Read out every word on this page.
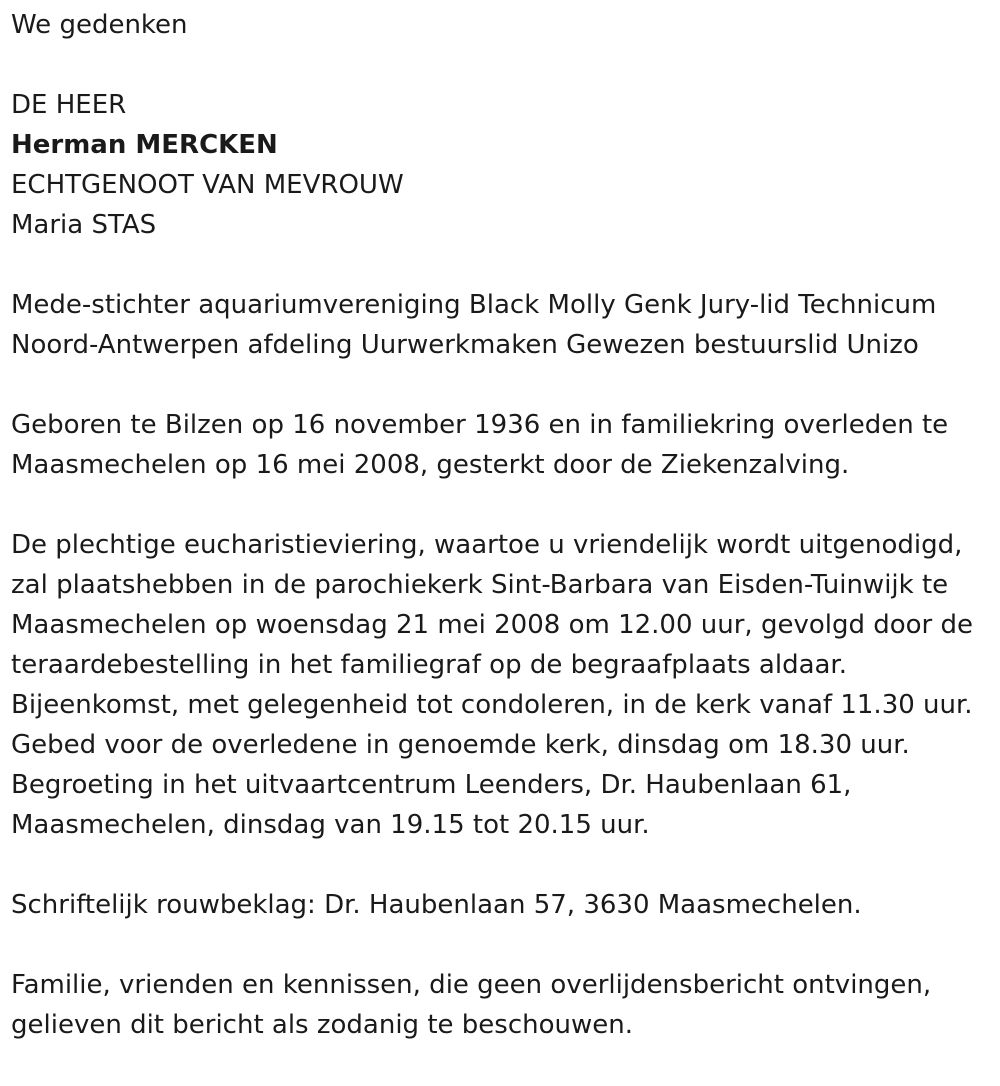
We gedenken

DE HEER

Herman MERCKEN

ECHTGENOOT VAN MEVROUW

Maria STAS

Mede-stichter aquariumvereniging Black Molly Genk Jury-lid Technicum
Noord-Antwerpen afdeling Uurwerkmaken Gewezen bestuurslid Unizo

Geboren te Bilzen op 16 november 1936 en in familiekring overleden te
Maasmechelen op 16 mei 2008, gesterkt door de Ziekenzalving.

De plechtige eucharistieviering, waartoe u vriendelijk wordt uitgenodigd,
zal plaatshebben in de parochiekerk Sint-Barbara van Eisden-Tuinwijk te
Maasmechelen op woensdag 21 mei 2008 om 12.00 uur, gevolgd door de
teraardebestelling in het familiegraf op de begraafplaats aldaar.
Bijeenkomst, met gelegenheid tot condoleren, in de kerk vanaf 11.30 uur.
Gebed voor de overledene in genoemde kerk, dinsdag om 18.30 uur.
Begroeting in het uitvaartcentrum Leenders, Dr. Haubenlaan 61,
Maasmechelen, dinsdag van 19.15 tot 20.15 uur.

Schriftelijk rouwbeklag: Dr. Haubenlaan 57, 3630 Maasmechelen.

Familie, vrienden en kennissen, die geen overlijdensbericht ontvingen,
gelieven dit bericht als zodanig te beschouwen.
